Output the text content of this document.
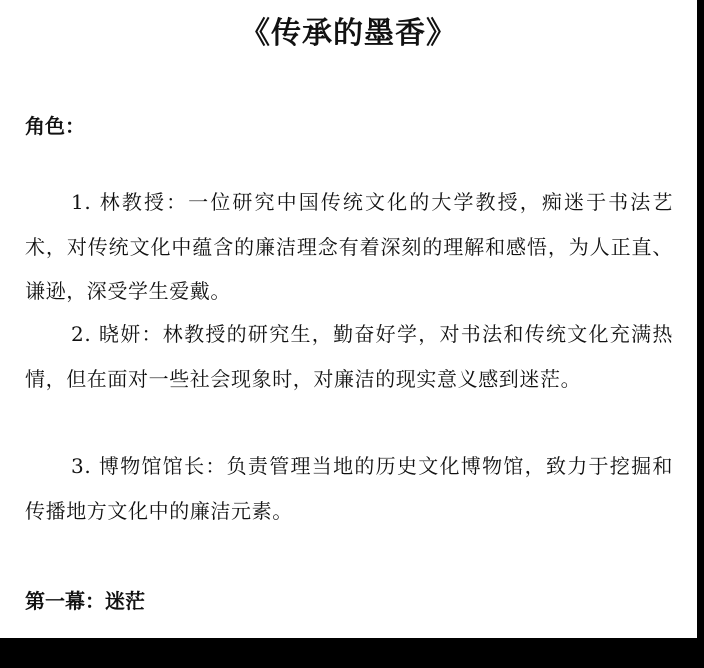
《传承的墨香》
角色：

1. 林教授：一位研究中国传统文化的大学教授，痴迷于书法艺术，对传统文化中蕴含的廉洁理念有着深刻的理解和感悟，为人正直、谦逊，深受学生爱戴。

2. 晓妍：林教授的研究生，勤奋好学，对书法和传统文化充满热情，但在面对一些社会现象时，对廉洁的现实意义感到迷茫。

3. 博物馆馆长：负责管理当地的历史文化博物馆，致力于挖掘和传播地方文化中的廉洁元素。

第一幕：迷茫
